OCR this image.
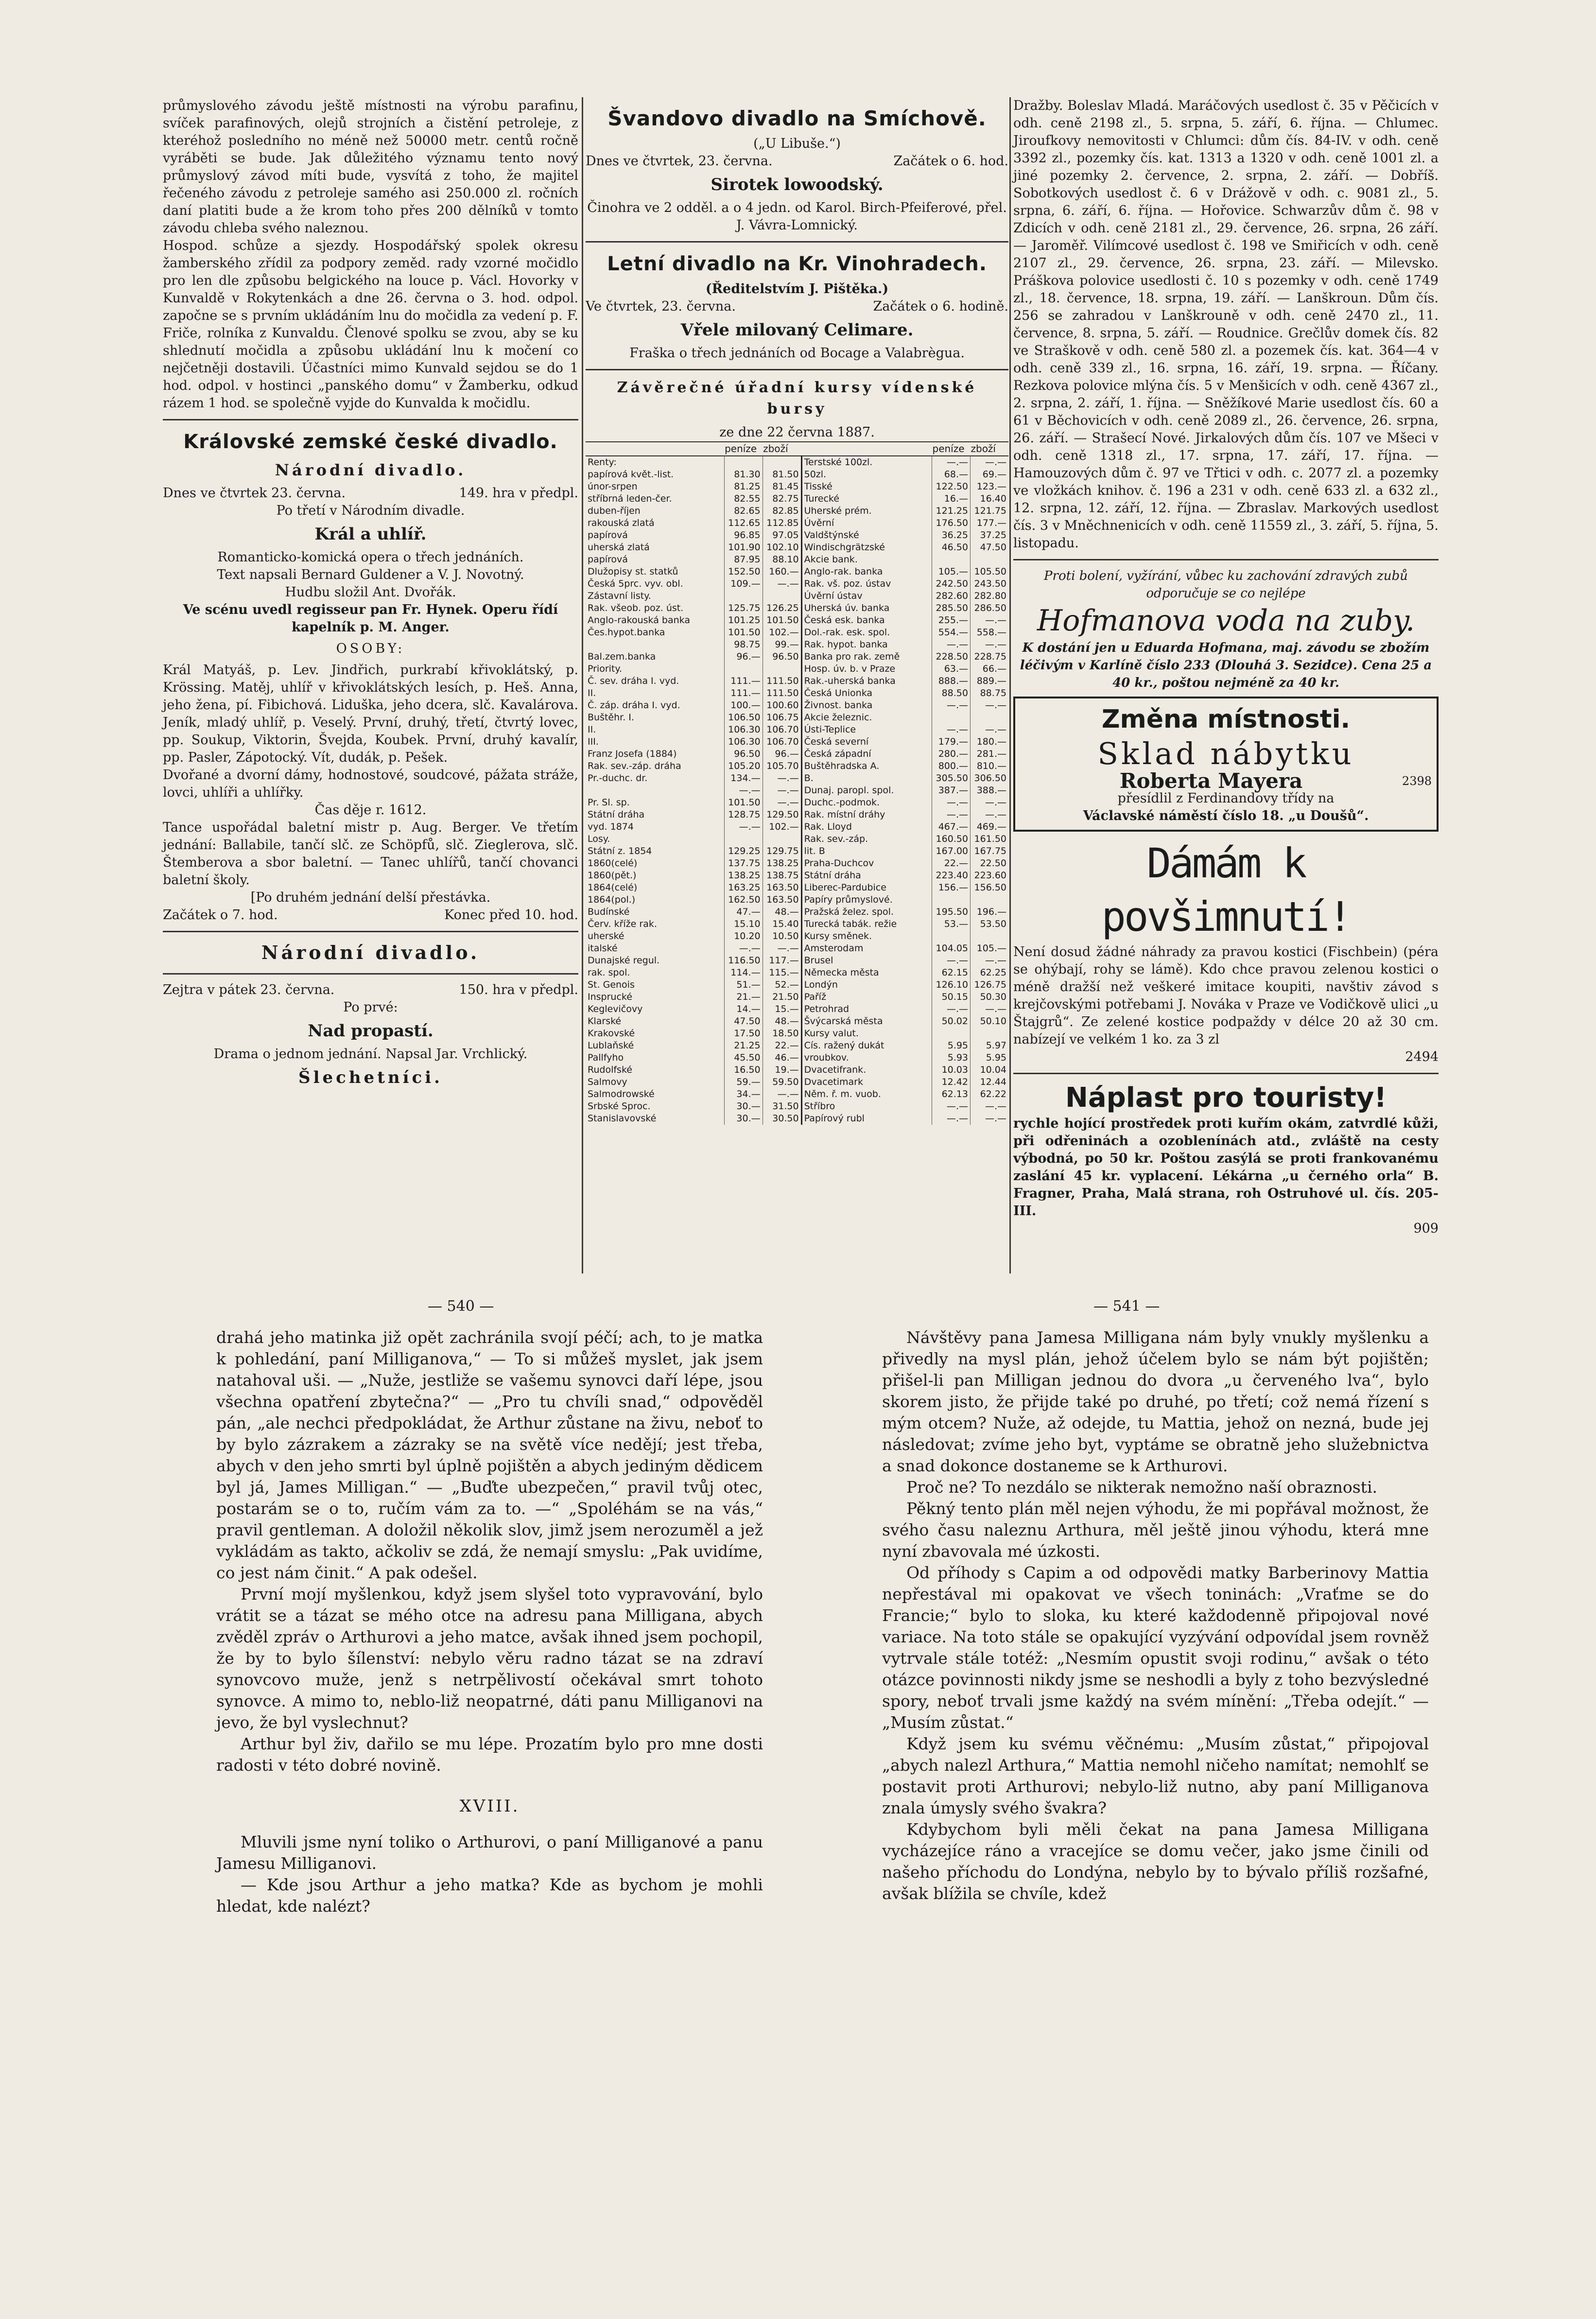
průmyslového závodu ještě místnosti na výrobu parafinu, svíček parafinových, olejů strojních a čistění petroleje, z kteréhož posledního no méně než 50000 metr. centů ročně vyráběti se bude. Jak důležitého významu tento nový průmyslový závod míti bude, vysvítá z toho, že majitel řečeného závodu z petroleje samého asi 250.000 zl. ročních daní platiti bude a že krom toho přes 200 dělníků v tomto závodu chleba svého naleznou.

Hospod. schůze a sjezdy. Hospodářský spolek okresu žamberského zřídil za podpory zeměd. rady vzorné močidlo pro len dle způsobu belgického na louce p. Václ. Hovorky v Kunvaldě v Rokytenkách a dne 26. června o 3. hod. odpol. započne se s prvním ukládáním lnu do močidla za vedení p. F. Friče, rolníka z Kunvaldu. Členové spolku se zvou, aby se ku shlednutí močidla a způsobu ukládání lnu k močení co nejčetněji dostavili. Účastníci mimo Kunvald sejdou se do 1 hod. odpol. v hostinci „panského domu“ v Žamberku, odkud rázem 1 hod. se společně vyjde do Kunvalda k močidlu.

Královské zemské české divadlo.
Národní divadlo.
Dnes ve čtvrtek 23. června.	149. hra v předpl.
Po třetí v Národním divadle.
Král a uhlíř.
Romanticko-komická opera o třech jednáních.
Text napsali Bernard Guldener a V. J. Novotný.
Hudbu složil Ant. Dvořák.
Ve scénu uvedl regisseur pan Fr. Hynek. Operu řídí kapelník p. M. Anger.
OSOBY:

Král Matyáš, p. Lev. Jindřich, purkrabí křivoklátský, p. Krössing. Matěj, uhlíř v křivoklátských lesích, p. Heš. Anna, jeho žena, pí. Fibichová. Liduška, jeho dcera, slč. Kavalárova. Jeník, mladý uhlíř, p. Veselý. První, druhý, třetí, čtvrtý lovec, pp. Soukup, Viktorin, Švejda, Koubek. První, druhý kavalír, pp. Pasler, Zápotocký. Vít, dudák, p. Pešek.

Dvořané a dvorní dámy, hodnostové, soudcové, pážata stráže, lovci, uhlíři a uhlířky.

Čas děje r. 1612.

Tance uspořádal baletní mistr p. Aug. Berger. Ve třetím jednání: Ballabile, tančí slč. ze Schöpfů, slč. Zieglerova, slč. Štemberova a sbor baletní. — Tanec uhlířů, tančí chovanci baletní školy.

[Po druhém jednání delší přestávka.
Začátek o 7. hod.	Konec před 10. hod.
Národní divadlo.
Zejtra v pátek 23. června.	150. hra v předpl.
Po prvé:
Nad propastí.
Drama o jednom jednání. Napsal Jar. Vrchlický.
Šlechetníci.
Švandovo divadlo na Smíchově.
(„U Libuše.“)
Dnes ve čtvrtek, 23. června.	Začátek o 6. hod.
Sirotek lowoodský.
Činohra ve 2 odděl. a o 4 jedn. od Karol. Birch-Pfeiferové, přel. J. Vávra-Lomnický.
Letní divadlo na Kr. Vinohradech.
(Ředitelstvím J. Pištěka.)
Ve čtvrtek, 23. června.	Začátek o 6. hodině.
Vřele milovaný Celimare.
Fraška o třech jednáních od Bocage a Valabrègua.
Závěrečné úřadní kursy vídenské bursy
ze dne 22 června 1887.
	peníze	zboží		peníze	zboží
Renty:			Terstské 100zl.	—.—	—.—
papírová květ.-list.	81.30	81.50	50zl.	68.—	69.—
únor-srpen	81.25	81.45	Tisské	122.50	123.—
stříbrná leden-čer.	82.55	82.75	Turecké	16.—	16.40
duben-říjen	82.65	82.85	Uherské prém.	121.25	121.75
rakouská zlatá	112.65	112.85	Úvěrní	176.50	177.—
papírová	96.85	97.05	Valdštýnské	36.25	37.25
uherská zlatá	101.90	102.10	Windischgrätzské	46.50	47.50
papírová	87.95	88.10	Akcie bank.		
Dlužopisy st. statků	152.50	160.—	Anglo-rak. banka	105.—	105.50
Česká 5prc. vyv. obl.	109.—	—.—	Rak. vš. poz. ústav	242.50	243.50
Zástavní listy.			Úvěrní ústav	282.60	282.80
Rak. všeob. poz. úst.	125.75	126.25	Uherská úv. banka	285.50	286.50
Anglo-rakouská banka	101.25	101.50	Česká esk. banka	255.—	—.—
Čes.hypot.banka	101.50	102.—	Dol.-rak. esk. spol.	554.—	558.—
	98.75	99.—	Rak. hypot. banka	—.—	—.—
Bal.zem.banka	96.—	96.50	Banka pro rak. země	228.50	228.75
Priority.			Hosp. úv. b. v Praze	63.—	66.—
Č. sev. dráha I. vyd.	111.—	111.50	Rak.-uherská banka	888.—	889.—
II.	111.—	111.50	Česká Unionka	88.50	88.75
Č. záp. dráha I. vyd.	100.—	100.60	Živnost. banka	—.—	—.—
Buštěhr. I.	106.50	106.75	Akcie železnic.		
II.	106.30	106.70	Ústi-Teplice	—.—	—.—
III.	106.30	106.70	Česká severní	179.—	180.—
Franz Josefa (1884)	96.50	96.—	Česká západní	280.—	281.—
Rak. sev.-záp. dráha	105.20	105.70	Buštěhradska A.	800.—	810.—
Pr.-duchc. dr.	134.—	—.—	B.	305.50	306.50
	—.—	—.—	Dunaj. paropl. spol.	387.—	388.—
Pr. Sl. sp.	101.50	—.—	Duchc.-podmok.	—.—	—.—
Státní dráha	128.75	129.50	Rak. místní dráhy	—.—	—.—
vyd. 1874	—.—	102.—	Rak. Lloyd	467.—	469.—
Losy.			Rak. sev.-záp.	160.50	161.50
Státní z. 1854	129.25	129.75	lit. B	167.00	167.75
1860(celé)	137.75	138.25	Praha-Duchcov	22.—	22.50
1860(pět.)	138.25	138.75	Státní dráha	223.40	223.60
1864(celé)	163.25	163.50	Liberec-Pardubice	156.—	156.50
1864(pol.)	162.50	163.50	Papíry průmyslové.		
Budínské	47.—	48.—	Pražská želez. spol.	195.50	196.—
Červ. kříže rak.	15.10	15.40	Turecká tabák. režie	53.—	53.50
uherské	10.20	10.50	Kursy směnek.		
italské	—.—	—.—	Amsterodam	104.05	105.—
Dunajské regul.	116.50	117.—	Brusel	—.—	—.—
rak. spol.	114.—	115.—	Německa města	62.15	62.25
St. Genois	51.—	52.—	Londýn	126.10	126.75
Insprucké	21.—	21.50	Paříž	50.15	50.30
Keglevičovy	14.—	15.—	Petrohrad	—.—	—.—
Klarské	47.50	48.—	Švýcarská města	50.02	50.10
Krakovské	17.50	18.50	Kursy valut.		
Lublaňské	21.25	22.—	Cís. ražený dukát	5.95	5.97
Pallfyho	45.50	46.—	vroubkov.	5.93	5.95
Rudolfské	16.50	19.—	Dvacetifrank.	10.03	10.04
Salmovy	59.—	59.50	Dvacetimark	12.42	12.44
Salmodrowské	34.—	—.—	Něm. ř. m. vuob.	62.13	62.22
Srbské Sproc.	30.—	31.50	Stříbro	—.—	—.—
Stanislavovské	30.—	30.50	Papírový rubl	—.—	—.—

Dražby. Boleslav Mladá. Maráčových usedlost č. 35 v Pěčicích v odh. ceně 2198 zl., 5. srpna, 5. září, 6. října. — Chlumec. Jiroufkovy nemovitosti v Chlumci: dům čís. 84-IV. v odh. ceně 3392 zl., pozemky čís. kat. 1313 a 1320 v odh. ceně 1001 zl. a jiné pozemky 2. července, 2. srpna, 2. září. — Dobříš. Sobotkových usedlost č. 6 v Drážově v odh. c. 9081 zl., 5. srpna, 6. září, 6. října. — Hořovice. Schwarzův dům č. 98 v Zdicích v odh. ceně 2181 zl., 29. července, 26. srpna, 26 září. — Jaroměř. Vilímcové usedlost č. 198 ve Smiřicích v odh. ceně 2107 zl., 29. července, 26. srpna, 23. září. — Milevsko. Práškova polovice usedlosti č. 10 s pozemky v odh. ceně 1749 zl., 18. července, 18. srpna, 19. září. — Lanškroun. Dům čís. 256 se zahradou v Lanškrouně v odh. ceně 2470 zl., 11. července, 8. srpna, 5. září. — Roudnice. Grečlův domek čís. 82 ve Straškově v odh. ceně 580 zl. a pozemek čís. kat. 364—4 v odh. ceně 339 zl., 16. srpna, 16. září, 19. srpna. — Říčany. Rezkova polovice mlýna čís. 5 v Menšicích v odh. ceně 4367 zl., 2. srpna, 2. září, 1. října. — Sněžíkové Marie usedlost čís. 60 a 61 v Běchovicích v odh. ceně 2089 zl., 26. července, 26. srpna, 26. září. — Strašecí Nové. Jirkalových dům čís. 107 ve Mšeci v odh. ceně 1318 zl., 17. srpna, 17. září, 17. října. — Hamouzových dům č. 97 ve Třtici v odh. c. 2077 zl. a pozemky ve vložkách knihov. č. 196 a 231 v odh. ceně 633 zl. a 632 zl., 12. srpna, 12. září, 12. října. — Zbraslav. Markových usedlost čís. 3 v Mněchnenicích v odh. ceně 11559 zl., 3. září, 5. října, 5. listopadu.

Proti bolení, vyžírání, vůbec ku zachování zdravých zubů odporučuje se co nejlépe
Hofmanova voda na zuby.
K dostání jen u Eduarda Hofmana, maj. závodu se zbožím léčivým v Karlíně číslo 233 (Dlouhá 3. Sezidce). Cena 25 a 40 kr., poštou nejméně za 40 kr.
Změna místnosti.
Sklad nábytku
Roberta Mayera	2398
přesídlil z Ferdinandovy třídy na
Václavské náměstí číslo 18. „u Doušů“.
Dámám k povšimnutí!

Není dosud žádné náhrady za pravou kostici (Fischbein) (péra se ohýbají, rohy se lámě). Kdo chce pravou zelenou kostici o méně dražší než veškeré imitace koupiti, navštiv závod s krejčovskými potřebami J. Nováka v Praze ve Vodičkově ulici „u Štajgrů“. Ze zelené kostice podpaždy v délce 20 až 30 cm. nabízejí ve velkém 1 ko. za 3 zl

2494
Náplast pro touristy!

rychle hojící prostředek proti kuřím okám, zatvrdlé kůži, při odřeninách a ozoblenínách atd., zvláště na cesty výbodná, po 50 kr. Poštou zasýlá se proti frankovanému zaslání 45 kr. vyplacení. Lékárna „u černého orla“ B. Fragner, Praha, Malá strana, roh Ostruhové ul. čís. 205-III.

909
— 540 —	— 541 —

drahá jeho matinka již opět zachránila svojí péčí; ach, to je matka k pohledání, paní Milliganova,“ — To si můžeš myslet, jak jsem natahoval uši. — „Nuže, jestliže se vašemu synovci daří lépe, jsou všechna opatření zbytečna?“ — „Pro tu chvíli snad,“ odpověděl pán, „ale nechci předpokládat, že Arthur zůstane na živu, neboť to by bylo zázrakem a zázraky se na světě více nedějí; jest třeba, abych v den jeho smrti byl úplně pojištěn a abych jediným dědicem byl já, James Milligan.“ — „Buďte ubezpečen,“ pravil tvůj otec, postarám se o to, ručím vám za to. —“ „Spoléhám se na vás,“ pravil gentleman. A doložil několik slov, jimž jsem nerozuměl a jež vykládám as takto, ačkoliv se zdá, že nemají smyslu: „Pak uvidíme, co jest nám činit.“ A pak odešel.

První mojí myšlenkou, když jsem slyšel toto vypravování, bylo vrátit se a tázat se mého otce na adresu pana Milligana, abych zvěděl zpráv o Arthurovi a jeho matce, avšak ihned jsem pochopil, že by to bylo šílenství: nebylo věru radno tázat se na zdraví synovcovo muže, jenž s netrpělivostí očekával smrt tohoto synovce. A mimo to, neblo-liž neopatrné, dáti panu Milliganovi na jevo, že byl vyslechnut?

Arthur byl živ, dařilo se mu lépe. Prozatím bylo pro mne dosti radosti v této dobré novině.

XVIII.

Mluvili jsme nyní toliko o Arthurovi, o paní Milliganové a panu Jamesu Milliganovi.

— Kde jsou Arthur a jeho matka? Kde as bychom je mohli hledat, kde nalézt?

Návštěvy pana Jamesa Milligana nám byly vnukly myšlenku a přivedly na mysl plán, jehož účelem bylo se nám být pojištěn; přišel-li pan Milligan jednou do dvora „u červeného lva“, bylo skorem jisto, že přijde také po druhé, po třetí; což nemá řízení s mým otcem? Nuže, až odejde, tu Mattia, jehož on nezná, bude jej následovat; zvíme jeho byt, vyptáme se obratně jeho služebnictva a snad dokonce dostaneme se k Arthurovi.

Proč ne? To nezdálo se nikterak nemožno naší obraznosti.

Pěkný tento plán měl nejen výhodu, že mi popřával možnost, že svého času naleznu Arthura, měl ještě jinou výhodu, která mne nyní zbavovala mé úzkosti.

Od příhody s Capim a od odpovědi matky Barberinovy Mattia nepřestával mi opakovat ve všech toninách: „Vraťme se do Francie;“ bylo to sloka, ku které každodenně připojoval nové variace. Na toto stále se opakující vyzývání odpovídal jsem rovněž vytrvale stále totéž: „Nesmím opustit svoji rodinu,“ avšak o této otázce povinnosti nikdy jsme se neshodli a byly z toho bezvýsledné spory, neboť trvali jsme každý na svém mínění: „Třeba odejít.“ — „Musím zůstat.“

Když jsem ku svému věčnému: „Musím zůstat,“ připojoval „abych nalezl Arthura,“ Mattia nemohl ničeho namítat; nemohlť se postavit proti Arthurovi; nebylo-liž nutno, aby paní Milliganova znala úmysly svého švakra?

Kdybychom byli měli čekat na pana Jamesa Milligana vycházejíce ráno a vracejíce se domu večer, jako jsme činili od našeho příchodu do Londýna, nebylo by to bývalo příliš rozšafné, avšak blížila se chvíle, kdež
